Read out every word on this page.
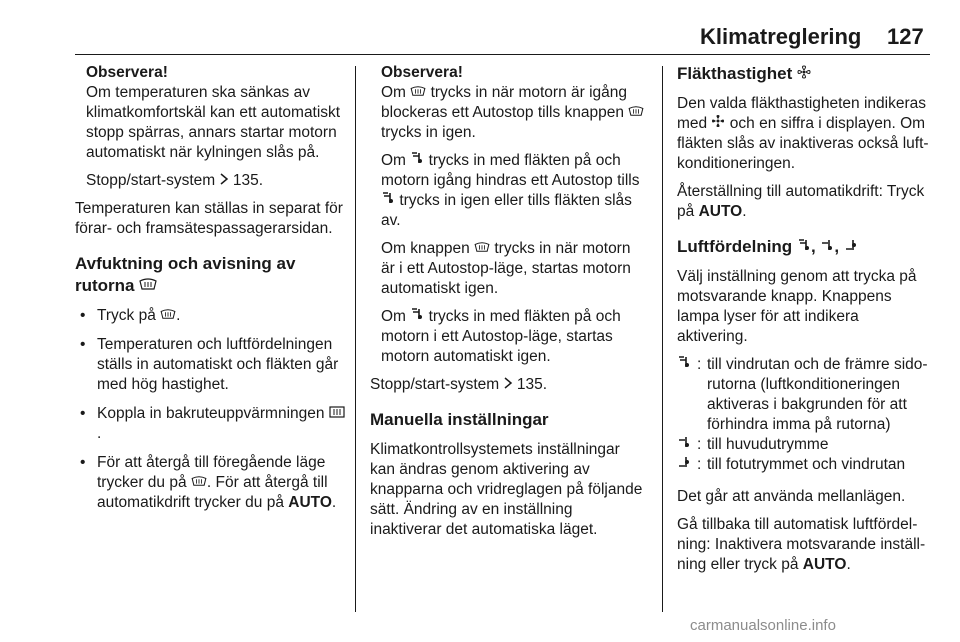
Klimatreglering 127

Observera!

Om temperaturen ska sänkas av klimatkomfortskäl kan ett automatiskt stopp spärras, annars startar motorn automatiskt när kylningen slås på.

Stopp/start-system 135.

Temperaturen kan ställas in separat för förar- och framsätespassagerarsidan.

Avfuktning och avisning av rutorna

• Tryck på .

• Temperaturen och luftfördelningen ställs in automatiskt och fläkten går med hög hastighet.

• Koppla in bakruteuppvärmningen .

• För att återgå till föregående läge trycker du på . För att återgå till automatikdrift trycker du på AUTO.

Observera!

Om trycks in när motorn är igång blockeras ett Autostop tills knappen  trycks in igen.

Om trycks in med fläkten på och motorn igång hindras ett Autostop tills  trycks in igen eller tills fläkten slås av.

Om knappen trycks in när motorn är i ett Autostop-läge, startas motorn automatiskt igen.

Om trycks in med fläkten på och motorn i ett Autostop-läge, startas motorn automatiskt igen.

Stopp/start-system 135.

Manuella inställningar

Klimatkontrollsystemets inställningar kan ändras genom aktivering av knapparna och vridreglagen på följande sätt. Ändring av en inställning inaktiverar det automatiska läget.

Fläkthastighet

Den valda fläkthastigheten indikeras med och en siffra i displayen. Om fläkten slås av inaktiveras också luftkonditioneringen.

Återställning till automatikdrift: Tryck på AUTO.

Luftfördelning , ,

Välj inställning genom att trycka på motsvarande knapp. Knappens lampa lyser för att indikera aktivering.

: till vindrutan och de främre sidorutorna (luftkonditioneringen aktiveras i bakgrunden för att förhindra imma på rutorna)
: till huvudutrymme
: till fotutrymmet och vindrutan

Det går att använda mellanlägen.

Gå tillbaka till automatisk luftfördelning: Inaktivera motsvarande inställning eller tryck på AUTO.

carmanualsonline.info
